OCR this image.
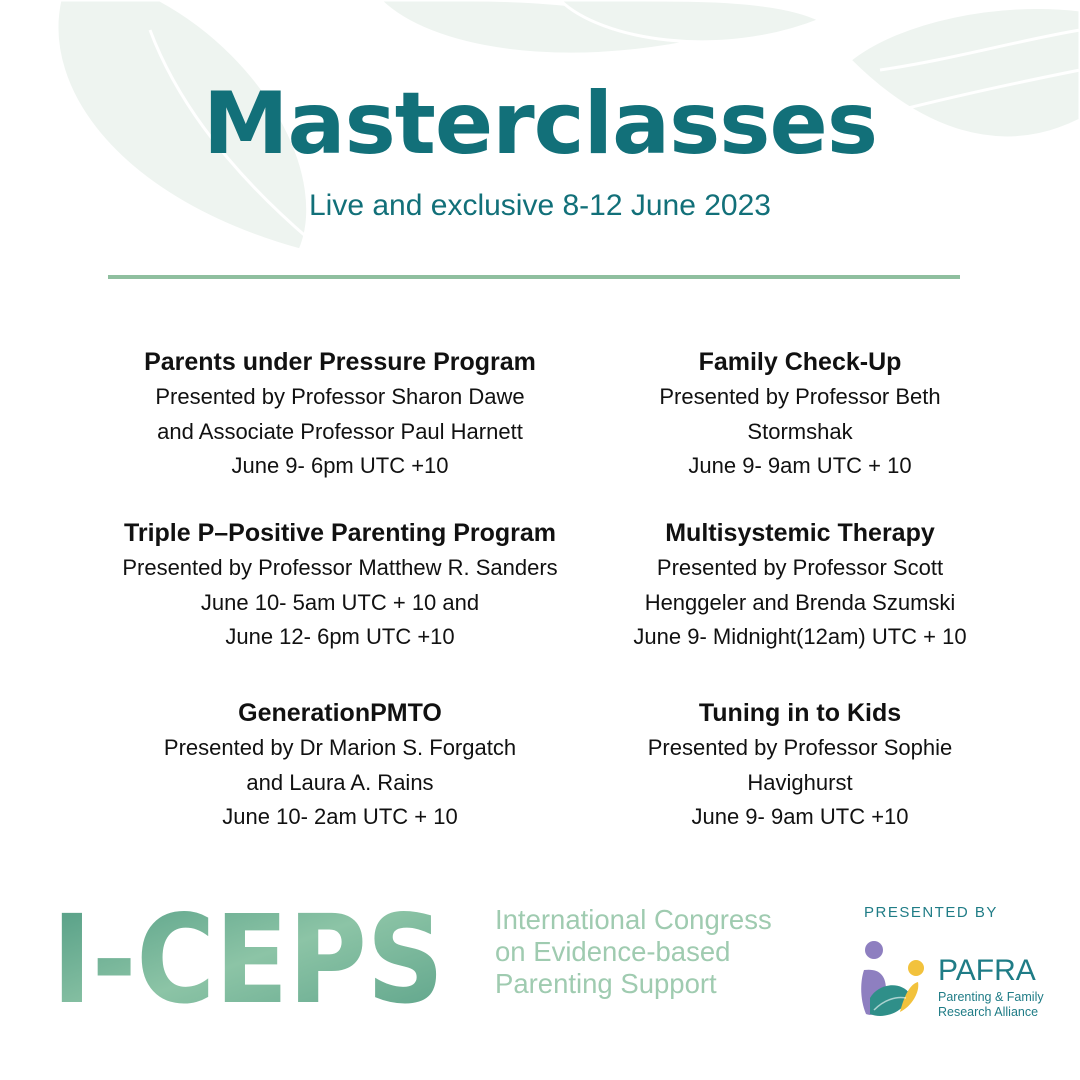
Masterclasses
Live and exclusive 8-12 June 2023
Parents under Pressure Program
Presented by Professor Sharon Dawe
and Associate Professor Paul Harnett
June 9- 6pm UTC +10
Family Check-Up
Presented by Professor Beth
Stormshak
June 9- 9am UTC + 10
Triple P–Positive Parenting Program
Presented by Professor Matthew R. Sanders
June 10- 5am UTC + 10 and
June 12- 6pm UTC +10
Multisystemic Therapy
Presented by Professor Scott
Henggeler and Brenda Szumski
June 9- Midnight(12am) UTC + 10
GenerationPMTO
Presented by Dr Marion S. Forgatch
and Laura A. Rains
June 10- 2am UTC + 10
Tuning in to Kids
Presented by Professor Sophie
Havighurst
June 9- 9am UTC +10
I-CEPS International Congress
on Evidence-based
Parenting Support
PRESENTED BY
PAFRA
Parenting & Family
Research Alliance
